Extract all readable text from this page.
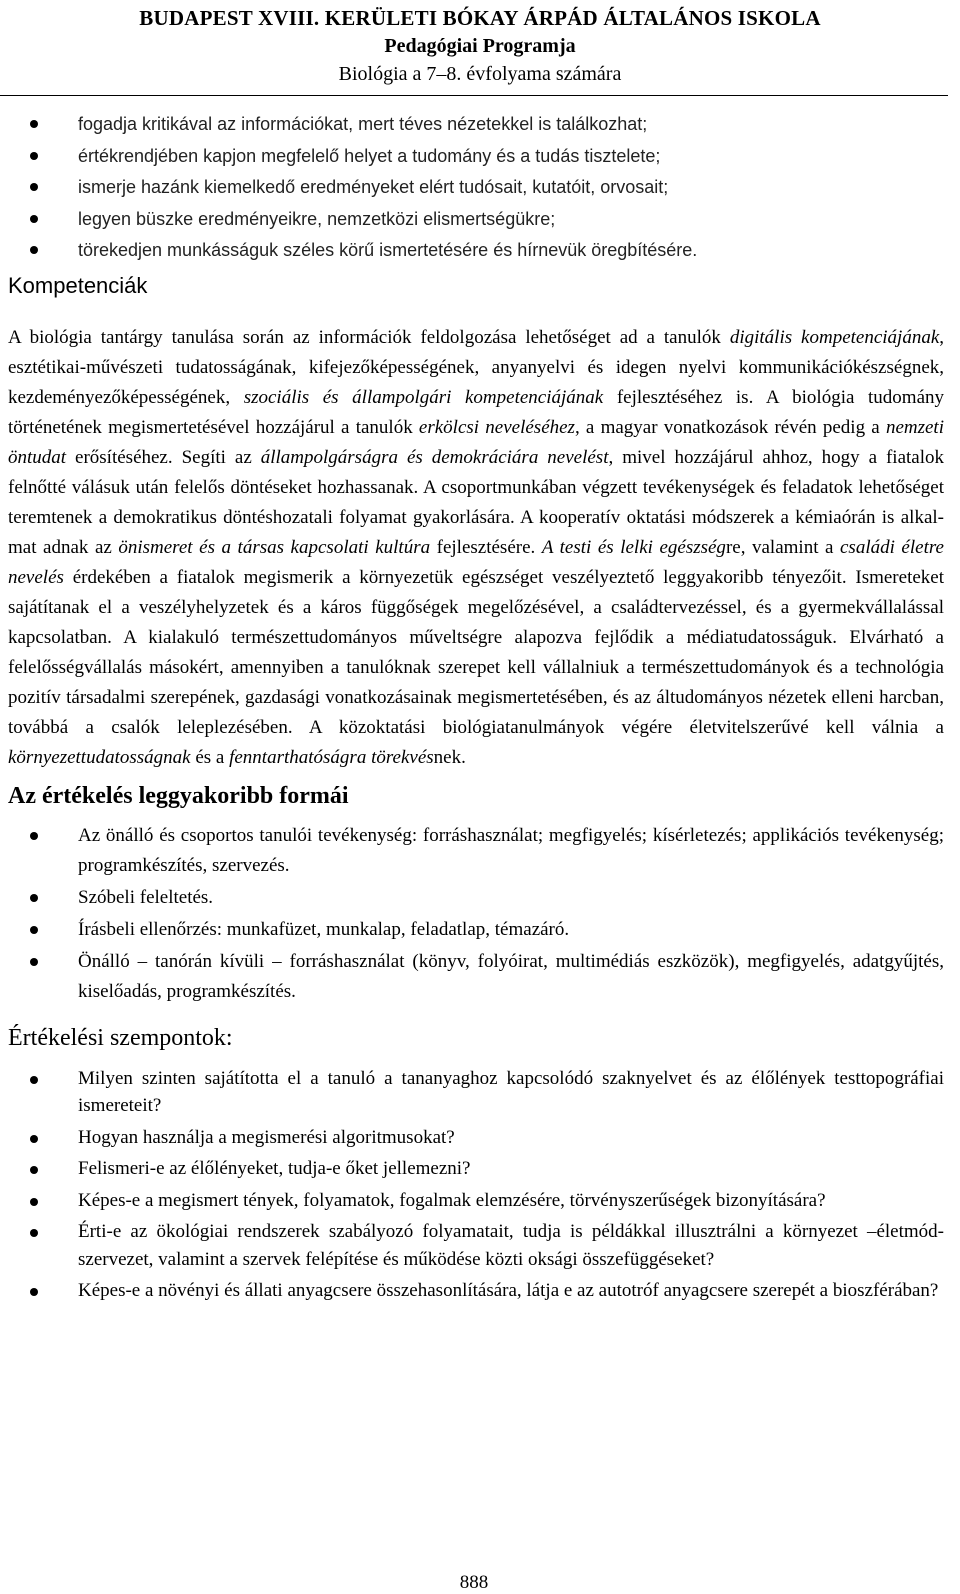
BUDAPEST XVIII. KERÜLETI BÓKAY ÁRPÁD ÁLTALÁNOS ISKOLA
Pedagógiai Programja
Biológia a 7–8. évfolyama számára
fogadja kritikával az információkat, mert téves nézetekkel is találkozhat;
értékrendjében kapjon megfelelő helyet a tudomány és a tudás tisztelete;
ismerje hazánk kiemelkedő eredményeket elért tudósait, kutatóit, orvosait;
legyen büszke eredményeikre, nemzetközi elismertségükre;
törekedjen munkásságuk széles körű ismertetésére és hírnevük öregbítésére.
Kompetenciák

A biológia tantárgy tanulása során az információk feldolgozása lehetőséget ad a tanulók digitális kompetenciájának, esztétikai-művészeti tudatosságának, kifejezőképességének, anyanyelvi és idegen nyelvi kommunikációkészségnek, kezdeményezőképességének, szociális és állampolgári kompetenciájának fejlesztéséhez is. A biológia tudomány történetének megismertetésével hozzájárul a tanulók erkölcsi neveléséhez, a magyar vonatkozások révén pedig a nemzeti öntudat erősítéséhez. Segíti az állampolgárságra és demokráciára nevelést, mivel hozzájárul ahhoz, hogy a fiatalok felnőtté válásuk után felelős döntéseket hozhassanak. A csoportmunkában végzett tevékenységek és feladatok lehetőséget teremtenek a demokratikus döntéshozatali folyamat gyakorlására. A kooperatív oktatási módszerek a kémiaórán is alkalmat adnak az önismeret és a társas kapcsolati kultúra fejlesztésére. A testi és lelki egészségre, valamint a családi életre nevelés érdekében a fiatalok megismerik a környezetük egészséget veszélyeztető leggyakoribb tényezőit. Ismereteket sajátítanak el a veszélyhelyzetek és a káros függőségek megelőzésével, a családtervezéssel, és a gyermekvállalással kapcsolatban. A kialakuló természettudományos műveltségre alapozva fejlődik a médiatudatosságuk. Elvárható a felelősségvállalás másokért, amennyiben a tanulóknak szerepet kell vállalniuk a természettudományok és a technológia pozitív társadalmi szerepének, gazdasági vonatkozásainak megismertetésében, és az áltudományos nézetek elleni harcban, továbbá a csalók leleplezésében. A közoktatási biológiatanulmányok végére életvitelszerűvé kell válnia a környezettudatosságnak és a fenntarthatóságra törekvésnek.

Az értékelés leggyakoribb formái
Az önálló és csoportos tanulói tevékenység: forráshasználat; megfigyelés; kísérletezés; applikációs tevékenység; programkészítés, szervezés.
Szóbeli feleltetés.
Írásbeli ellenőrzés: munkafüzet, munkalap, feladatlap, témazáró.
Önálló – tanórán kívüli – forráshasználat (könyv, folyóirat, multimédiás eszközök), megfigyelés, adatgyűjtés, kiselőadás, programkészítés.
Értékelési szempontok:
Milyen szinten sajátította el a tanuló a tananyaghoz kapcsolódó szaknyelvet és az élőlények testtopográfiai ismereteit?
Hogyan használja a megismerési algoritmusokat?
Felismeri-e az élőlényeket, tudja-e őket jellemezni?
Képes-e a megismert tények, folyamatok, fogalmak elemzésére, törvényszerűségek bizonyítására?
Érti-e az ökológiai rendszerek szabályozó folyamatait, tudja is példákkal illusztrálni a környezet –életmód- szervezet, valamint a szervek felépítése és működése közti oksági összefüggéseket?
Képes-e a növényi és állati anyagcsere összehasonlítására, látja e az autotróf anyagcsere szerepét a bioszférában?
888
